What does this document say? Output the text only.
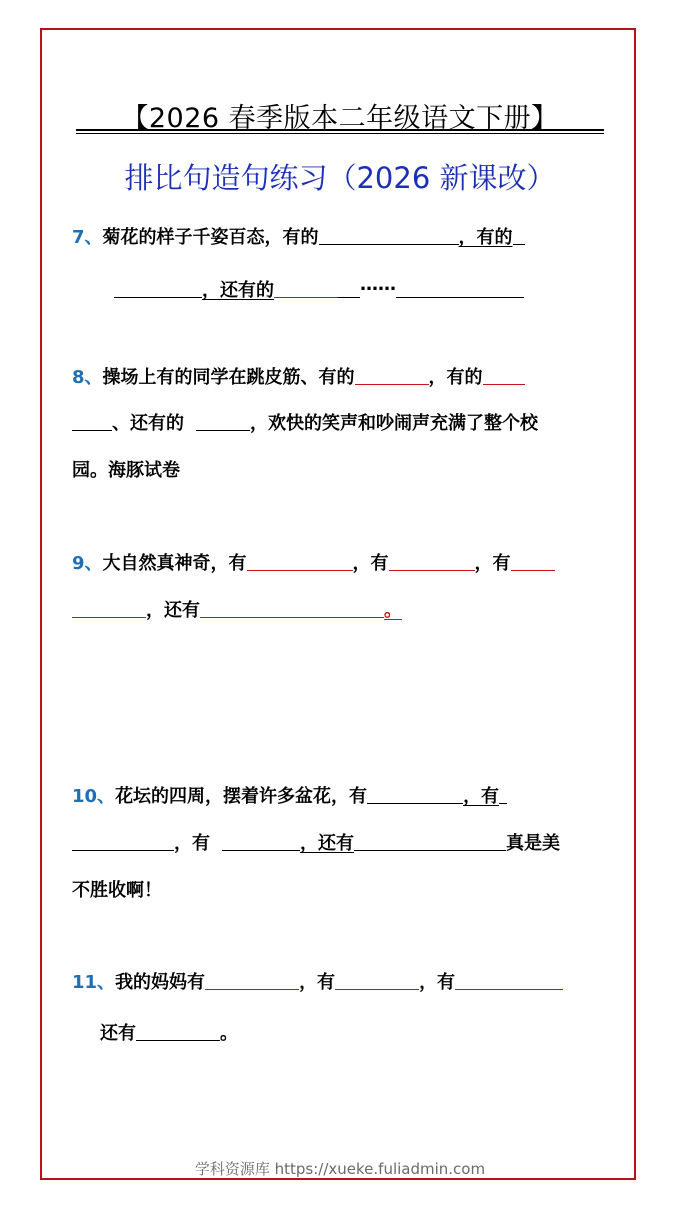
【2026 春季版本二年级语文下册】
排比句造句练习（2026 新课改）
7、菊花的样子千姿百态，有的	，有的
，还有的	……
8、操场上有的同学在跳皮筋、有的	，有的
、还有的	，欢快的笑声和吵闹声充满了整个校
园。海豚试卷
9、大自然真神奇，有	，有	，有
，还有	。
10、花坛的四周，摆着许多盆花，有	，有
，有	，还有	真是美
不胜收啊！
11、我的妈妈有	，有	，有
还有	。
学科资源库 https://xueke.fuliadmin.com
